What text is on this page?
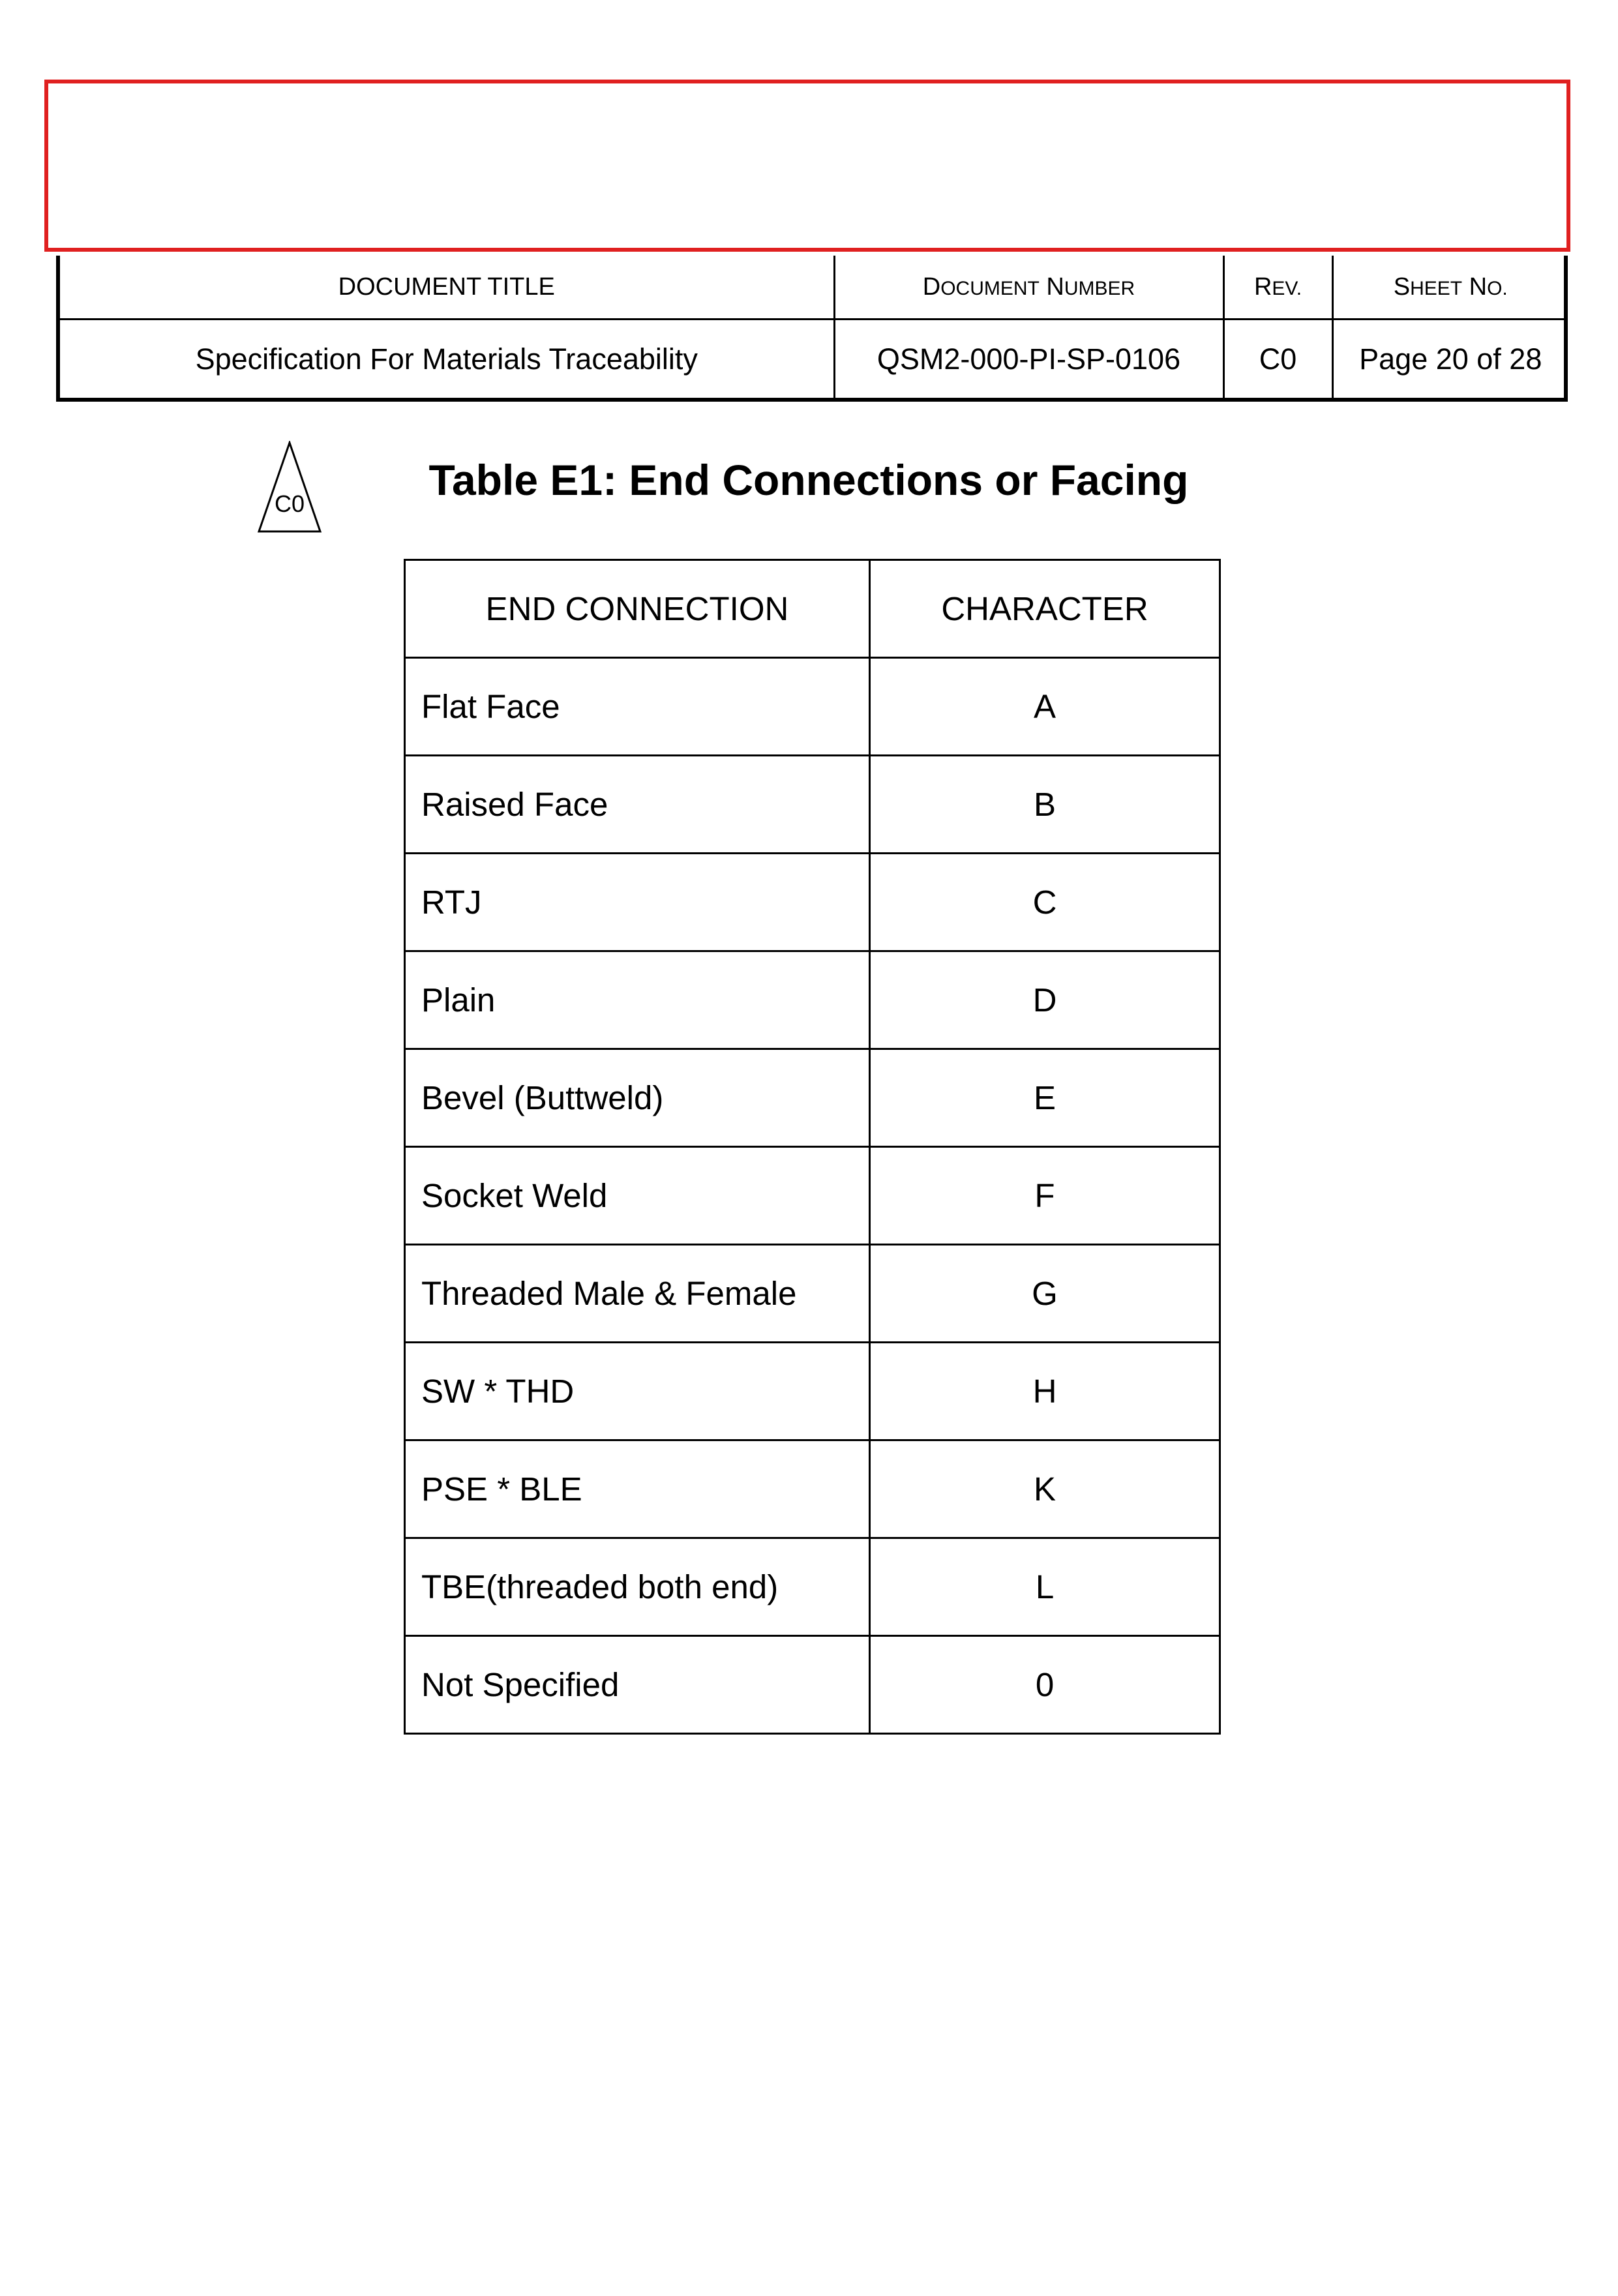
DOCUMENT TITLE	DOCUMENT NUMBER	REV.	SHEET NO.
Specification For Materials Traceability	QSM2-000-PI-SP-0106	C0	Page 20 of 28
C0	Table E1: End Connections or Facing
END CONNECTION	CHARACTER
Flat Face	A
Raised Face	B
RTJ	C
Plain	D
Bevel (Buttweld)	E
Socket Weld	F
Threaded Male & Female	G
SW * THD	H
PSE * BLE	K
TBE(threaded both end)	L
Not Specified	0
